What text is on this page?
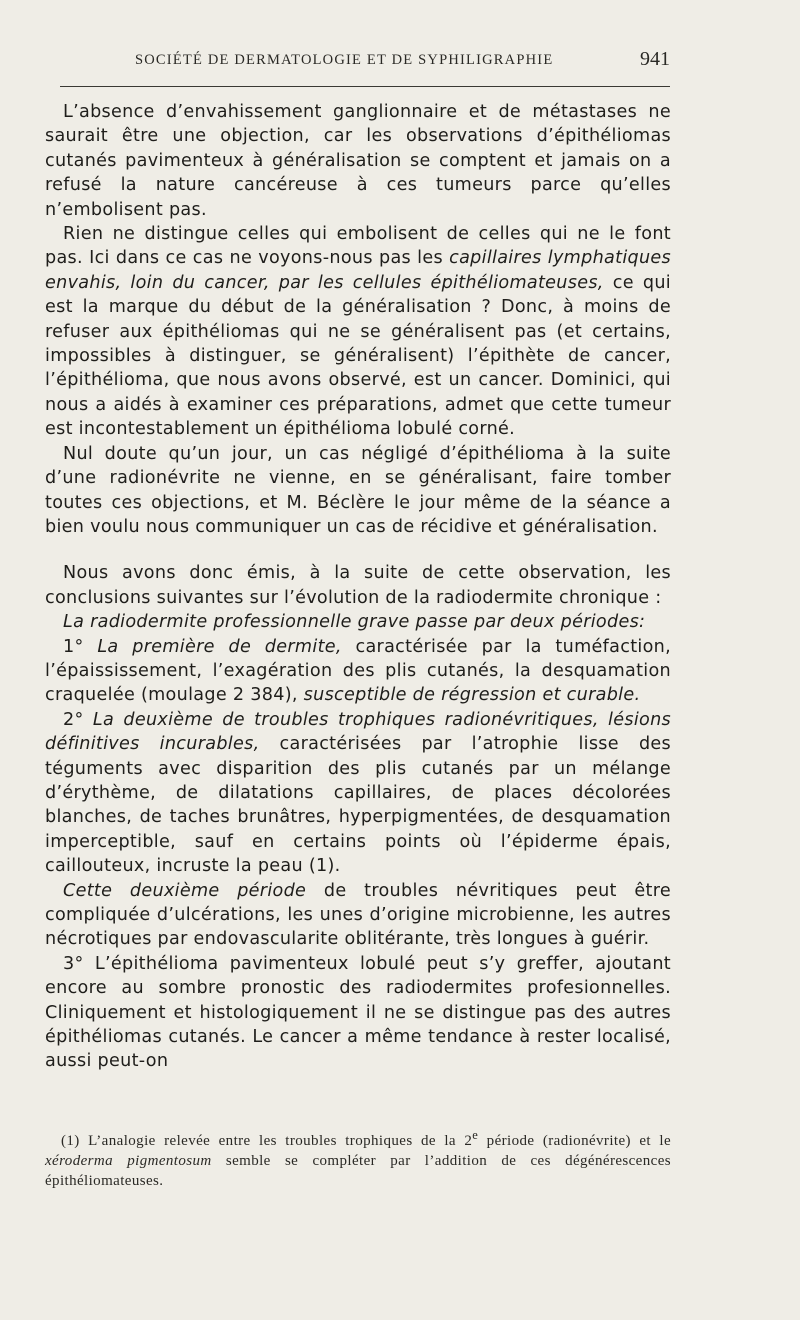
SOCIÉTÉ DE DERMATOLOGIE ET DE SYPHILIGRAPHIE	941

L’absence d’envahissement ganglionnaire et de métastases ne saurait être une objection, car les observations d’épithéliomas cutanés pavimenteux à généralisation se comptent et jamais on a refusé la nature cancéreuse à ces tumeurs parce qu’elles n’embolisent pas.

Rien ne distingue celles qui embolisent de celles qui ne le font pas. Ici dans ce cas ne voyons-nous pas les capillaires lymphatiques envahis, loin du cancer, par les cellules épithéliomateuses, ce qui est la marque du début de la généralisation ? Donc, à moins de refuser aux épithéliomas qui ne se généralisent pas (et certains, impossibles à distinguer, se généralisent) l’épithète de cancer, l’épithélioma, que nous avons observé, est un cancer. Dominici, qui nous a aidés à examiner ces préparations, admet que cette tumeur est incontestablement un épithélioma lobulé corné.

Nul doute qu’un jour, un cas négligé d’épithélioma à la suite d’une radionévrite ne vienne, en se généralisant, faire tomber toutes ces objections, et M. Béclère le jour même de la séance a bien voulu nous communiquer un cas de récidive et généralisation.

Nous avons donc émis, à la suite de cette observation, les conclusions suivantes sur l’évolution de la radiodermite chronique :

La radiodermite professionnelle grave passe par deux périodes:

1° La première de dermite, caractérisée par la tuméfaction, l’épaississement, l’exagération des plis cutanés, la desquamation craquelée (moulage 2 384), susceptible de régression et curable.

2° La deuxième de troubles trophiques radionévritiques, lésions définitives incurables, caractérisées par l’atrophie lisse des téguments avec disparition des plis cutanés par un mélange d’érythème, de dilatations capillaires, de places décolorées blanches, de taches brunâtres, hyperpigmentées, de desquamation imperceptible, sauf en certains points où l’épiderme épais, caillouteux, incruste la peau (1).

Cette deuxième période de troubles névritiques peut être compliquée d’ulcérations, les unes d’origine microbienne, les autres nécrotiques par endovascularite oblitérante, très longues à guérir.

3° L’épithélioma pavimenteux lobulé peut s’y greffer, ajoutant encore au sombre pronostic des radiodermites profesionnelles. Cliniquement et histologiquement il ne se distingue pas des autres épithéliomas cutanés. Le cancer a même tendance à rester localisé, aussi peut-on

(1) L’analogie relevée entre les troubles trophiques de la 2e période (radionévrite) et le xéroderma pigmentosum semble se compléter par l’addition de ces dégénérescences épithéliomateuses.
